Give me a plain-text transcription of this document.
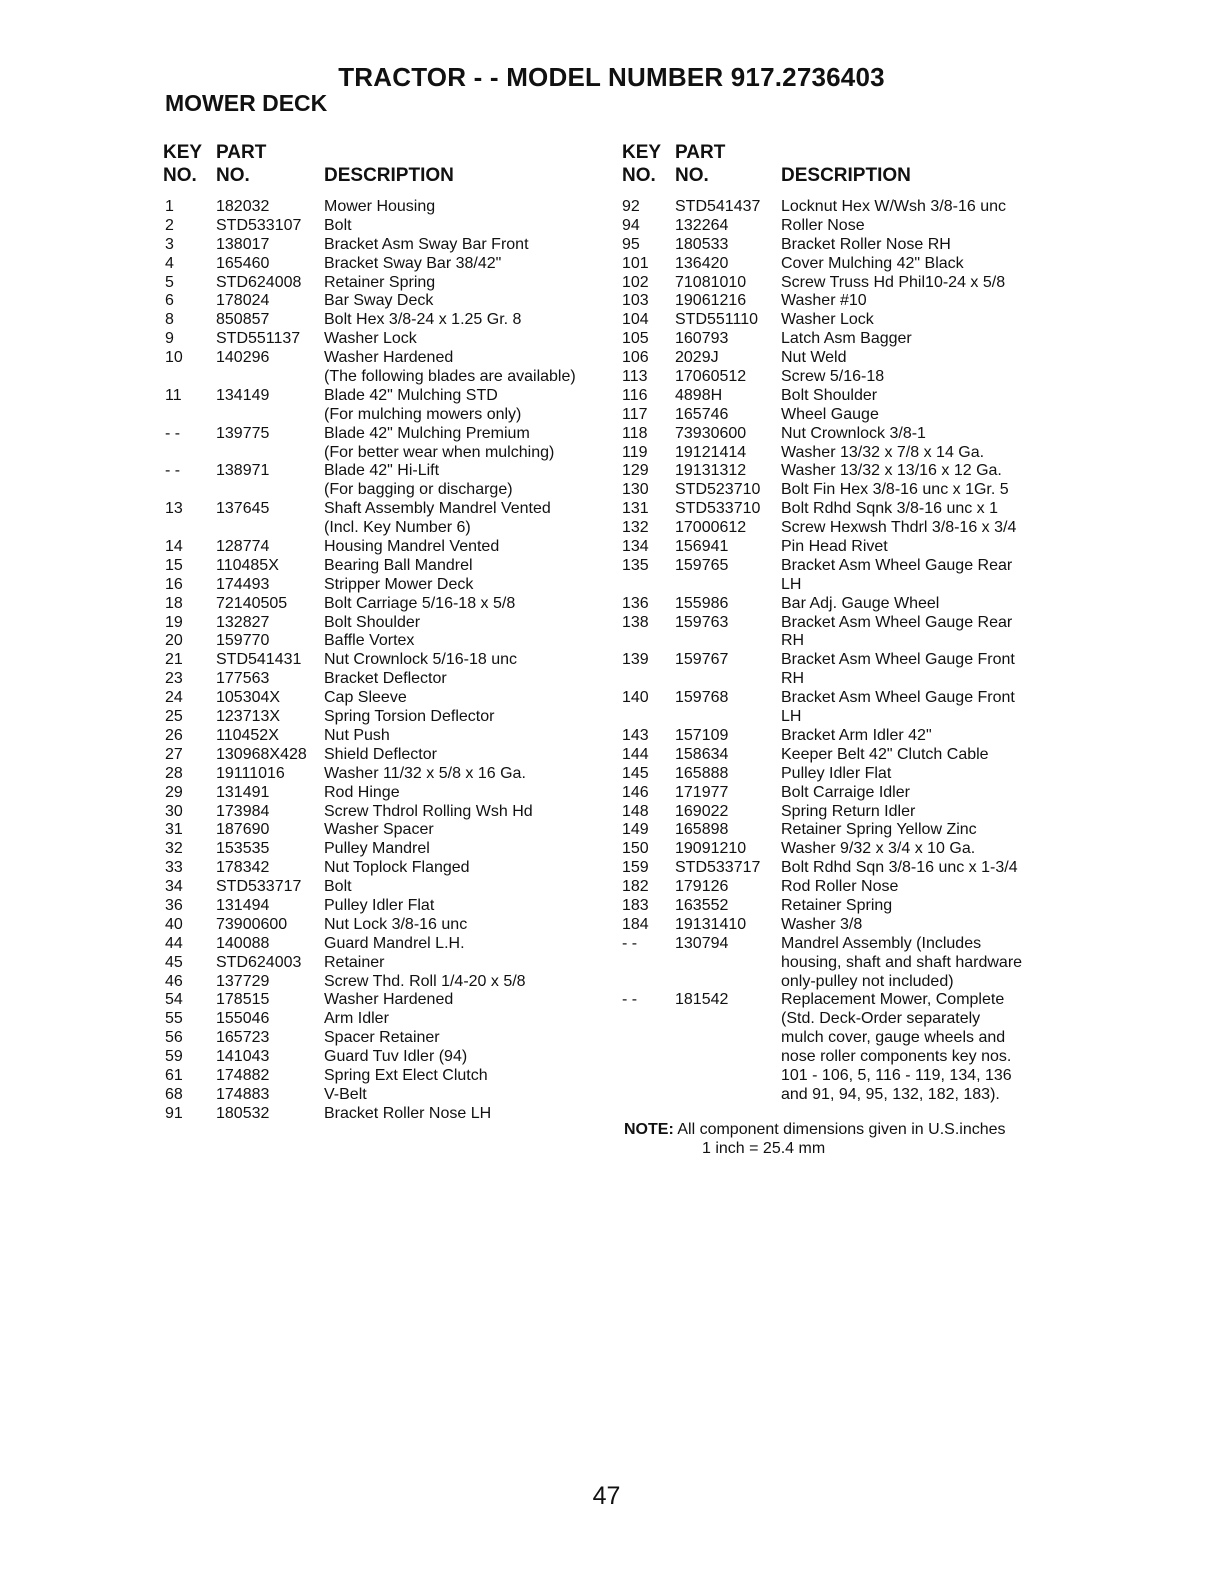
TRACTOR - - MODEL NUMBER 917.2736403
MOWER DECK
KEY PART
NO. NO.	DESCRIPTION
1	182032	Mower Housing
2	STD533107 Bolt
3	138017	Bracket Asm Sway Bar Front
4	165460	Bracket Sway Bar 38/42"
5	STD624008 Retainer Spring
6	178024	Bar Sway Deck
8	850857	Bolt Hex 3/8-24 x 1.25 Gr. 8
9	STD551137 Washer Lock
10 140296	Washer Hardened
(The following blades are available)
11 134149	Blade 42" Mulching STD
(For mulching mowers only)
- - 139775	Blade 42" Mulching Premium
(For better wear when mulching)
- - 138971	Blade 42" Hi-Lift
(For bagging or discharge)
13 137645	Shaft Assembly Mandrel Vented
(Incl. Key Number 6)
14 128774	Housing Mandrel Vented
15 110485X	Bearing Ball Mandrel
16 174493	Stripper Mower Deck
18 72140505 Bolt Carriage 5/16-18 x 5/8
19 132827	Bolt Shoulder
20 159770	Baffle Vortex
21 STD541431 Nut Crownlock 5/16-18 unc
23 177563	Bracket Deflector
24 105304X	Cap Sleeve
25 123713X	Spring Torsion Deflector
26 110452X	Nut Push
27 130968X428 Shield Deflector
28 19111016 Washer 11/32 x 5/8 x 16 Ga.
29 131491	Rod Hinge
30 173984	Screw Thdrol Rolling Wsh Hd
31 187690	Washer Spacer
32 153535	Pulley Mandrel
33 178342	Nut Toplock Flanged
34 STD533717 Bolt
36 131494	Pulley Idler Flat
40 73900600 Nut Lock 3/8-16 unc
44 140088	Guard Mandrel L.H.
45 STD624003 Retainer
46 137729	Screw Thd. Roll 1/4-20 x 5/8
54 178515	Washer Hardened
55 155046	Arm Idler
56 165723	Spacer Retainer
59 141043	Guard Tuv Idler (94)
61 174882	Spring Ext Elect Clutch
68 174883	V-Belt
91 180532	Bracket Roller Nose LH
KEY PART
NO. NO.	DESCRIPTION
92 STD541437 Locknut Hex W/Wsh 3/8-16 unc
94 132264	Roller Nose
95 180533	Bracket Roller Nose RH
101 136420	Cover Mulching 42" Black
102 71081010 Screw Truss Hd Phil10-24 x 5/8
103 19061216 Washer #10
104 STD551110 Washer Lock
105 160793	Latch Asm Bagger
106 2029J	Nut Weld
113 17060512 Screw 5/16-18
116 4898H	Bolt Shoulder
117 165746	Wheel Gauge
118 73930600 Nut Crownlock 3/8-1
119 19121414 Washer 13/32 x 7/8 x 14 Ga.
129 19131312 Washer 13/32 x 13/16 x 12 Ga.
130 STD523710 Bolt Fin Hex 3/8-16 unc x 1Gr. 5
131 STD533710 Bolt Rdhd Sqnk 3/8-16 unc x 1
132 17000612 Screw Hexwsh Thdrl 3/8-16 x 3/4
134 156941	Pin Head Rivet
135 159765	Bracket Asm Wheel Gauge Rear
LH
136 155986	Bar Adj. Gauge Wheel
138 159763	Bracket Asm Wheel Gauge Rear
RH
139 159767	Bracket Asm Wheel Gauge Front
RH
140 159768	Bracket Asm Wheel Gauge Front
LH
143 157109	Bracket Arm Idler 42"
144 158634	Keeper Belt 42" Clutch Cable
145 165888	Pulley Idler Flat
146 171977	Bolt Carraige Idler
148 169022	Spring Return Idler
149 165898	Retainer Spring Yellow Zinc
150 19091210 Washer 9/32 x 3/4 x 10 Ga.
159 STD533717 Bolt Rdhd Sqn 3/8-16 unc x 1-3/4
182 179126	Rod Roller Nose
183 163552	Retainer Spring
184 19131410 Washer 3/8
- - 130794	Mandrel Assembly (Includes
housing, shaft and shaft hardware
only-pulley not included)
- - 181542	Replacement Mower, Complete
(Std. Deck-Order separately
mulch cover, gauge wheels and
nose roller components key nos.
101 - 106, 5, 116 - 119, 134, 136
and 91, 94, 95, 132, 182, 183).
NOTE: All component dimensions given in U.S.inches
1 inch = 25.4 mm
47
